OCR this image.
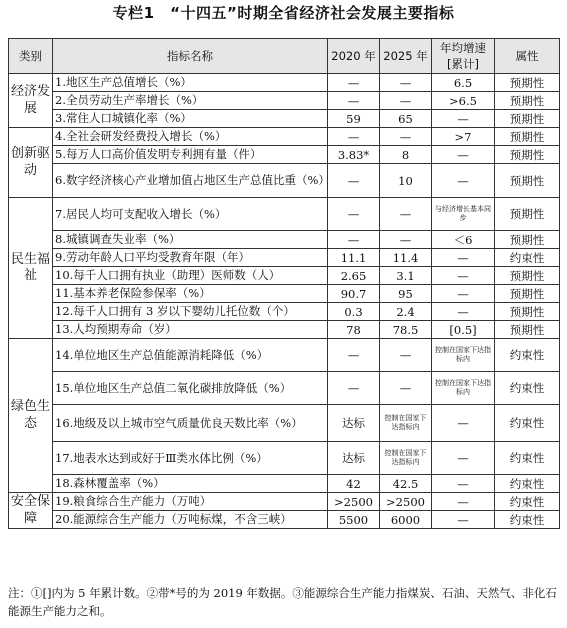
专栏1　“十四五”时期全省经济社会发展主要指标
类别	指标名称	2020 年	2025 年	年均增速 [累计]	属性
经济发展	1.地区生产总值增长（%）	—	—	6.5	预期性
	2.全员劳动生产率增长（%）	—	—	>6.5	预期性
	3.常住人口城镇化率（%）	59	65	—	预期性
创新驱动	4.全社会研发经费投入增长（%）	—	—	>7	预期性
	5.每万人口高价值发明专利拥有量（件）	3.83*	8	—	预期性
	6.数字经济核心产业增加值占地区生产总值比重（%）	—	10	—	预期性
民生福祉	7.居民人均可支配收入增长（%）	—	—	与经济增长基本同步	预期性
	8.城镇调查失业率（%）	—	—	＜6	预期性
	9.劳动年龄人口平均受教育年限（年）	11.1	11.4	—	约束性
	10.每千人口拥有执业（助理）医师数（人）	2.65	3.1	—	预期性
	11.基本养老保险参保率（%）	90.7	95	—	预期性
	12.每千人口拥有 3 岁以下婴幼儿托位数（个）	0.3	2.4	—	预期性
	13.人均预期寿命（岁）	78	78.5	[0.5]	预期性
绿色生态	14.单位地区生产总值能源消耗降低（%）	—	—	控制在国家下达指标内	约束性
	15.单位地区生产总值二氧化碳排放降低（%）	—	—	控制在国家下达指标内	约束性
	16.地级及以上城市空气质量优良天数比率（%）	达标	控制在国家下达指标内	—	约束性
	17.地表水达到或好于Ⅲ类水体比例（%）	达标	控制在国家下达指标内	—	约束性
	18.森林覆盖率（%）	42	42.5	—	约束性
安全保障	19.粮食综合生产能力（万吨）	>2500	>2500	—	约束性
	20.能源综合生产能力（万吨标煤，不含三峡）	5500	6000	—	约束性
注：①[]内为 5 年累计数。②带*号的为 2019 年数据。③能源综合生产能力指煤炭、石油、天然气、非化石能源生产能力之和。
